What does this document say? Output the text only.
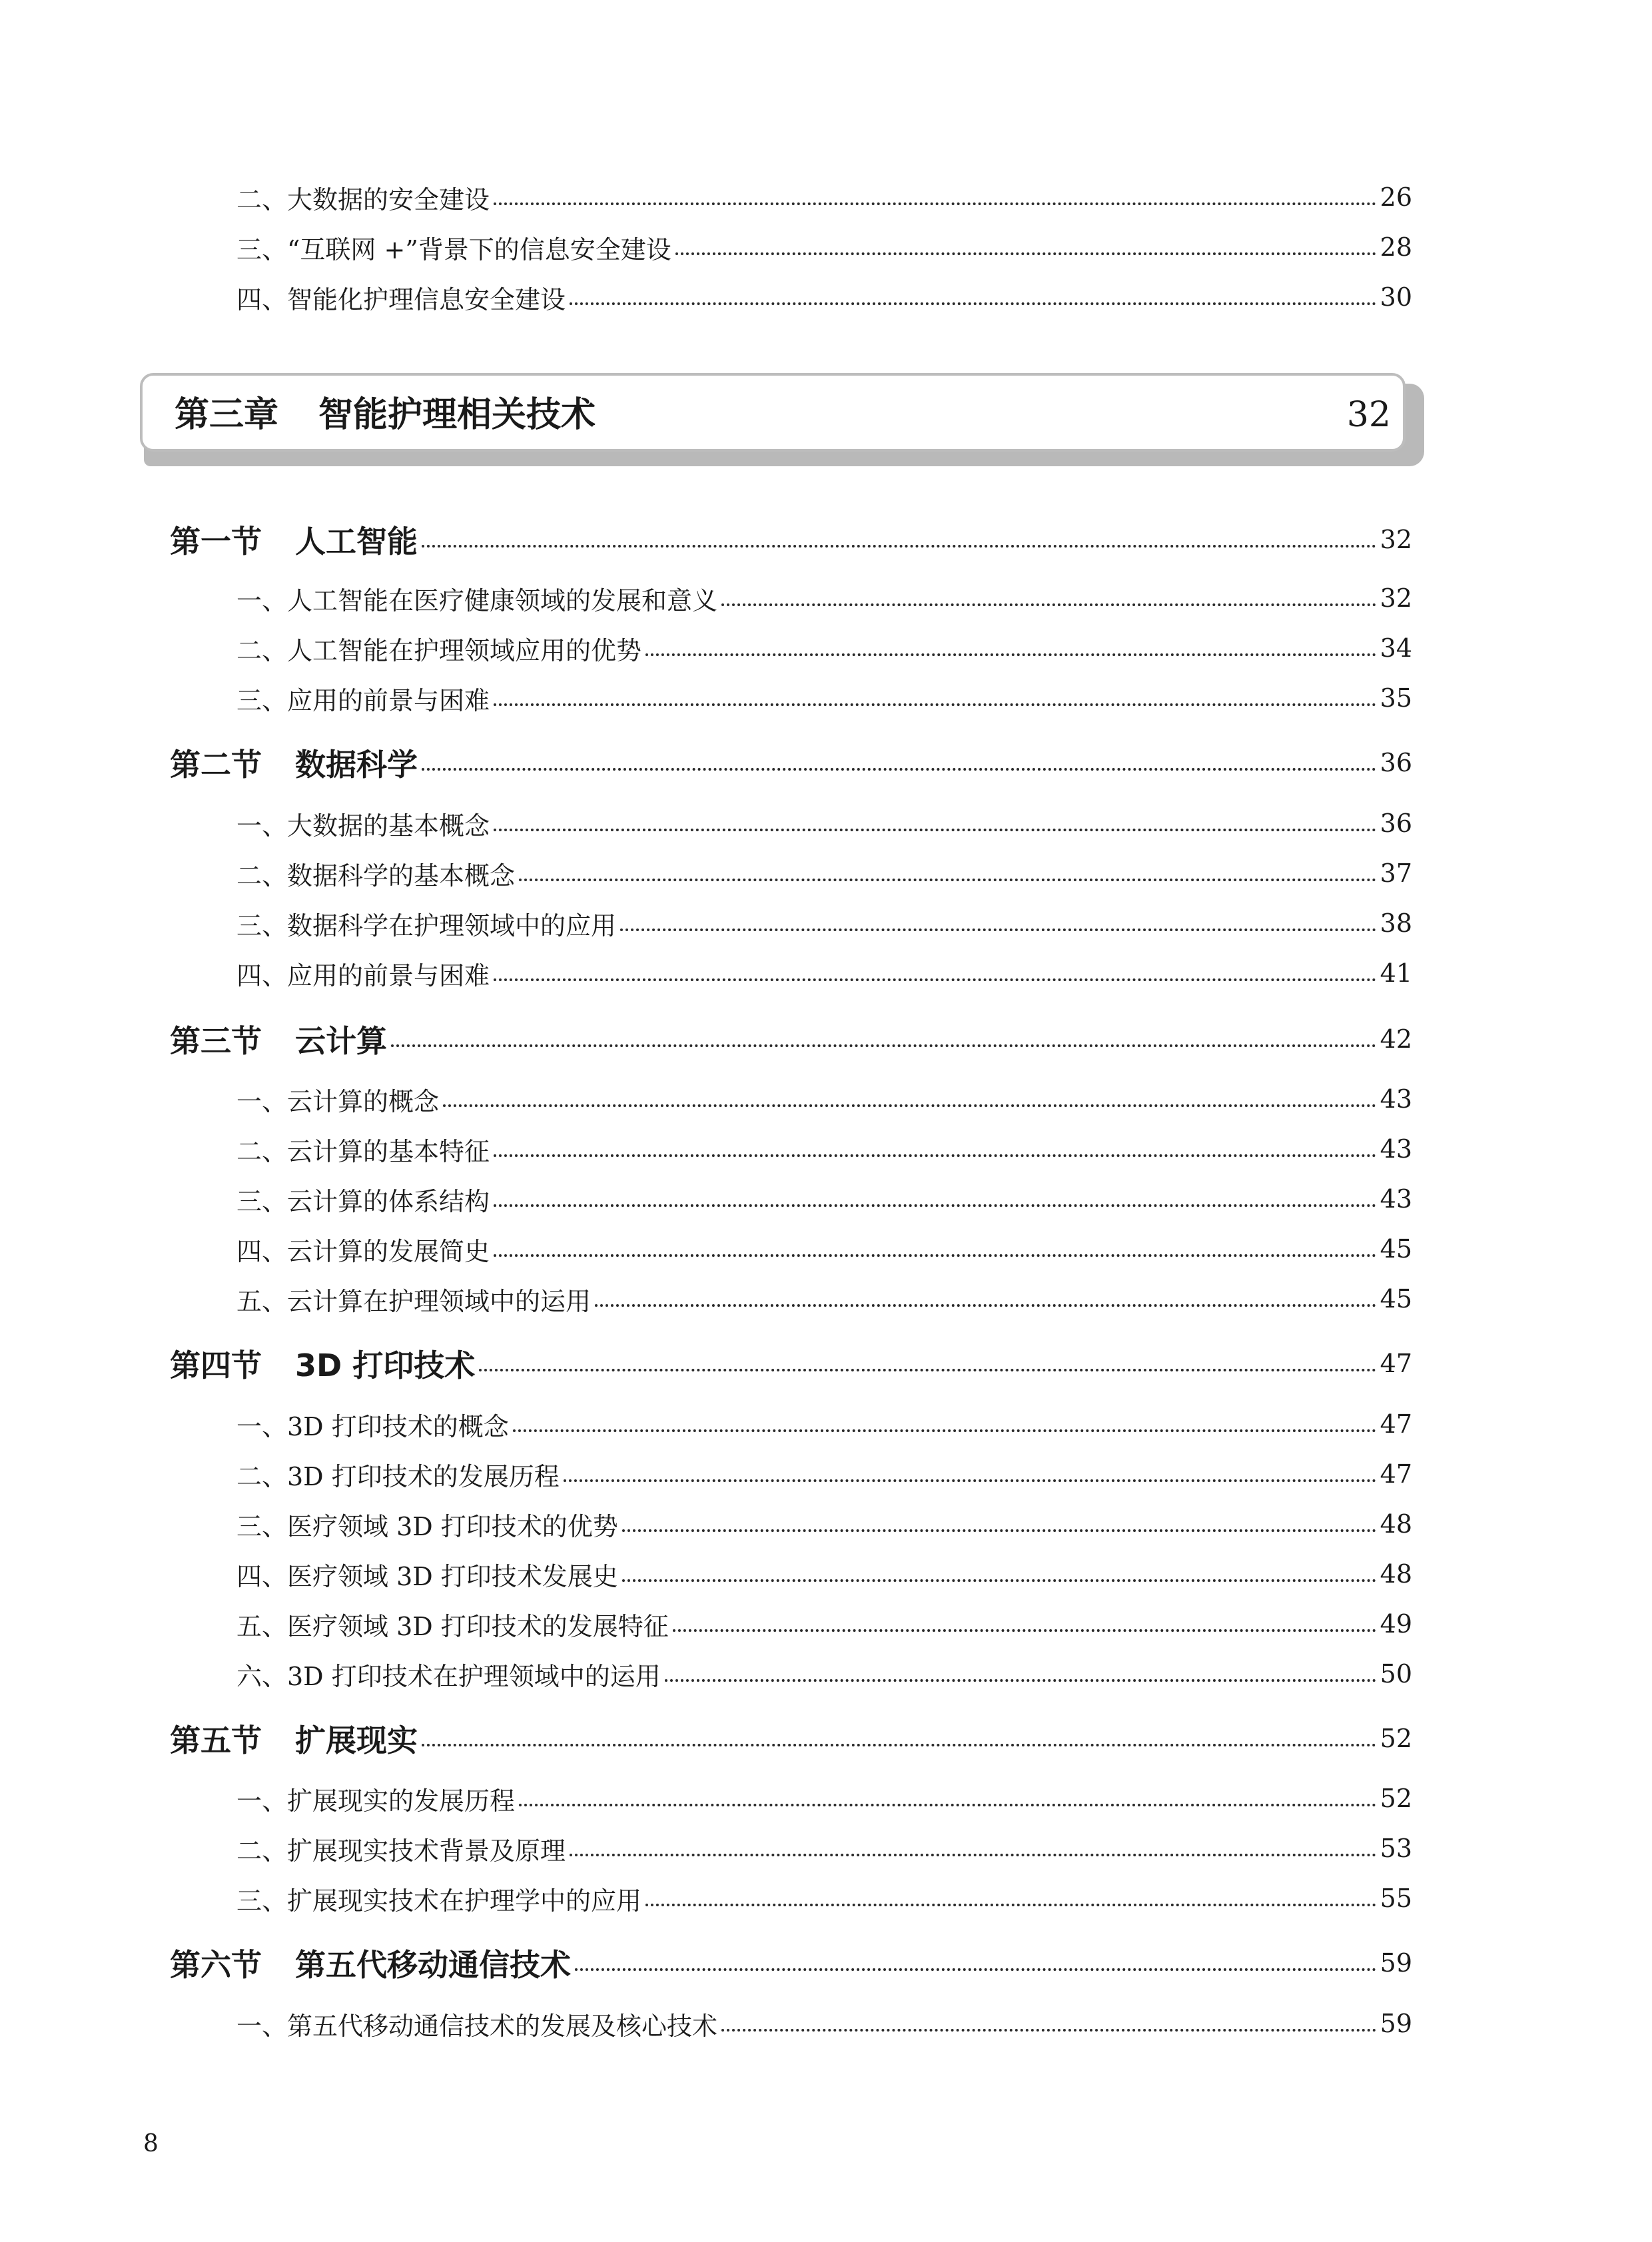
二、大数据的安全建设	26
三、“互联网 +”背景下的信息安全建设	28
四、智能化护理信息安全建设	30
第三章 智能护理相关技术	32
第一节 人工智能	32
一、人工智能在医疗健康领域的发展和意义	32
二、人工智能在护理领域应用的优势	34
三、应用的前景与困难	35
第二节 数据科学	36
一、大数据的基本概念	36
二、数据科学的基本概念	37
三、数据科学在护理领域中的应用	38
四、应用的前景与困难	41
第三节 云计算	42
一、云计算的概念	43
二、云计算的基本特征	43
三、云计算的体系结构	43
四、云计算的发展简史	45
五、云计算在护理领域中的运用	45
第四节 3D 打印技术	47
一、3D 打印技术的概念	47
二、3D 打印技术的发展历程	47
三、医疗领域 3D 打印技术的优势	48
四、医疗领域 3D 打印技术发展史	48
五、医疗领域 3D 打印技术的发展特征	49
六、3D 打印技术在护理领域中的运用	50
第五节 扩展现实	52
一、扩展现实的发展历程	52
二、扩展现实技术背景及原理	53
三、扩展现实技术在护理学中的应用	55
第六节 第五代移动通信技术	59
一、第五代移动通信技术的发展及核心技术	59
8
